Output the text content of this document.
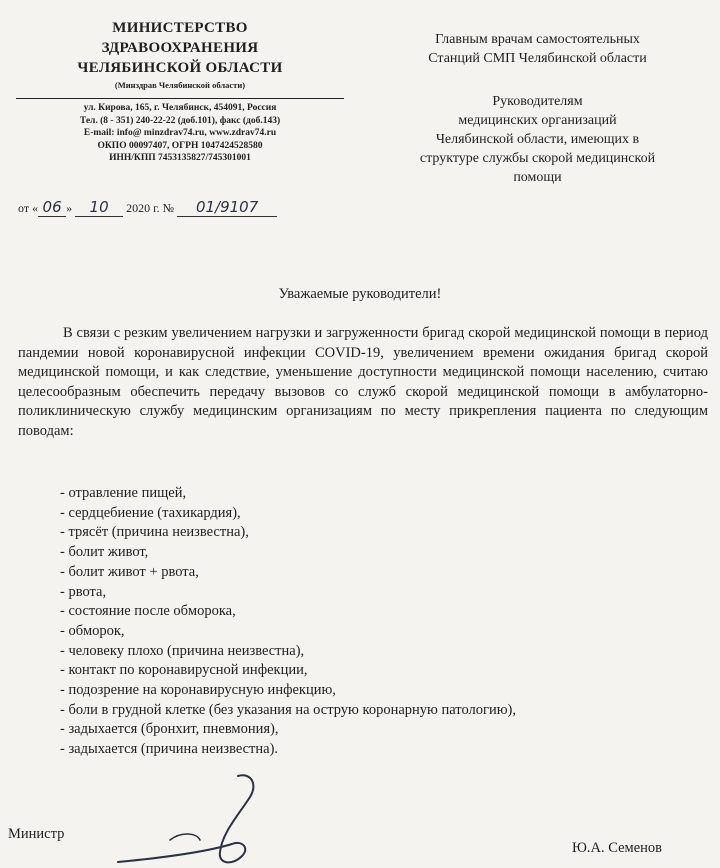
МИНИСТЕРСТВО
ЗДРАВООХРАНЕНИЯ
ЧЕЛЯБИНСКОЙ ОБЛАСТИ
(Минздрав Челябинской области)
ул. Кирова, 165, г. Челябинск, 454091, Россия
Тел. (8 - 351) 240-22-22 (доб.101), факс (доб.143)
E-mail: info@ minzdrav74.ru, www.zdrav74.ru
ОКПО 00097407, ОГРН 1047424528580
ИНН/КПП 7453135827/745301001
от « 06 » 10 2020 г. № 01/9107
Главным врачам самостоятельных
Станций СМП Челябинской области
Руководителям
медицинских организаций
Челябинской области, имеющих в
структуре службы скорой медицинской
помощи
Уважаемые руководители!

В связи с резким увеличением нагрузки и загруженности бригад скорой медицинской помощи в период пандемии новой коронавирусной инфекции COVID-19, увеличением времени ожидания бригад скорой медицинской помощи, и как следствие, уменьшение доступности медицинской помощи населению, считаю целесообразным обеспечить передачу вызовов со служб скорой медицинской помощи в амбулаторно-поликлиническую службу медицинским организациям по месту прикрепления пациента по следующим поводам:

- отравление пищей,
- сердцебиение (тахикардия),
- трясёт (причина неизвестна),
- болит живот,
- болит живот + рвота,
- рвота,
- состояние после обморока,
- обморок,
- человеку плохо (причина неизвестна),
- контакт по коронавирусной инфекции,
- подозрение на коронавирусную инфекцию,
- боли в грудной клетке (без указания на острую коронарную патологию),
- задыхается (бронхит, пневмония),
- задыхается (причина неизвестна).
Министр
Ю.А. Семенов
